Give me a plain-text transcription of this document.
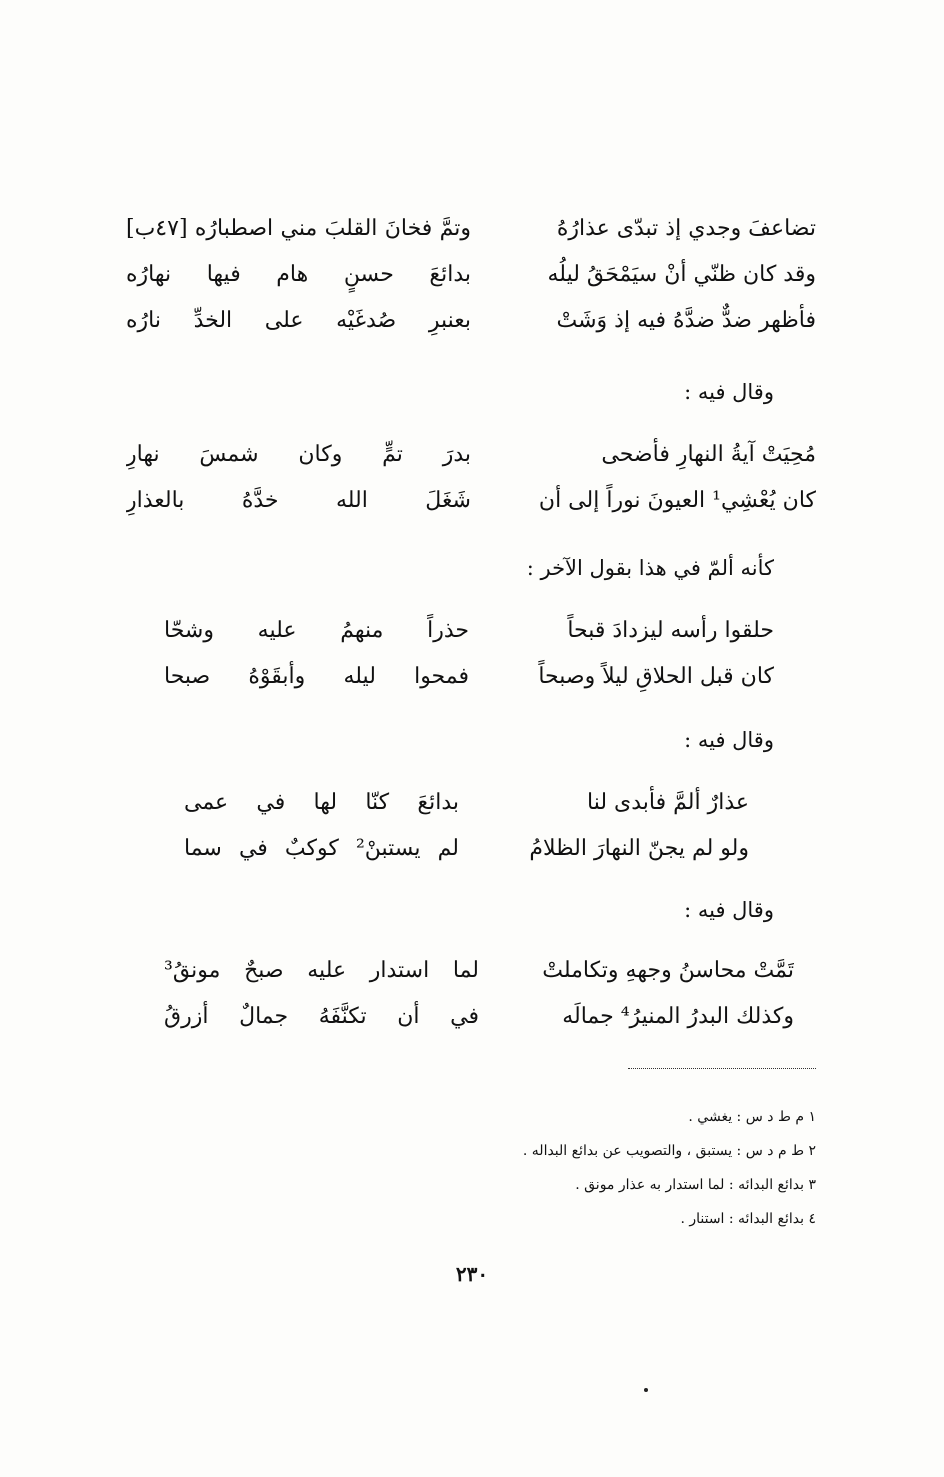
تضاعفَ وجدي إذ تبدّى عذارُهُ
وتمَّ فخانَ القلبَ مني اصطبارُه [٤٧ب]
وقد كان ظنّي أنْ سيَمْحَقُ ليلُه
بدائعَ حسنٍ هام فيها نهارُه
فأظهر ضدٌّ ضدَّهُ فيه إذ وَشَتْ
بعنبرِ صُدغَيْه على الخدِّ نارُه
وقال فيه :
مُحِيَتْ آيةُ النهارِ فأضحى
بدرَ تمٍّ وكان شمسَ نهارِ
كان يُعْشِي¹ العيونَ نوراً إلى أن
شَغَلَ الله خدَّهُ بالعذارِ
كأنه ألمّ في هذا بقول الآخر :
حلقوا رأسه ليزدادَ قبحاً
حذراً منهمُ عليه وشحّا
كان قبل الحلاقِ ليلاً وصبحاً
فمحوا ليله وأبقَوْهُ صبحا
وقال فيه :
عذارٌ ألمَّ فأبدى لنا
بدائعَ كنّا لها في عمى
ولو لم يجنّ النهارَ الظلامُ
لم يستبنْ² كوكبٌ في سما
وقال فيه :
تَمَّتْ محاسنُ وجههِ وتكاملتْ
لما استدار عليه صبحٌ مونقُ³
وكذلك البدرُ المنيرُ⁴ جمالَه
في أن تكنَّفَهُ جمالٌ أزرقُ
١ م ط د س : يغشي .
٢ ط م د س : يستبق ، والتصويب عن بدائع البداله .
٣ بدائع البدائه : لما استدار به عذار مونق .
٤ بدائع البدائه : استنار .
٢٣٠
